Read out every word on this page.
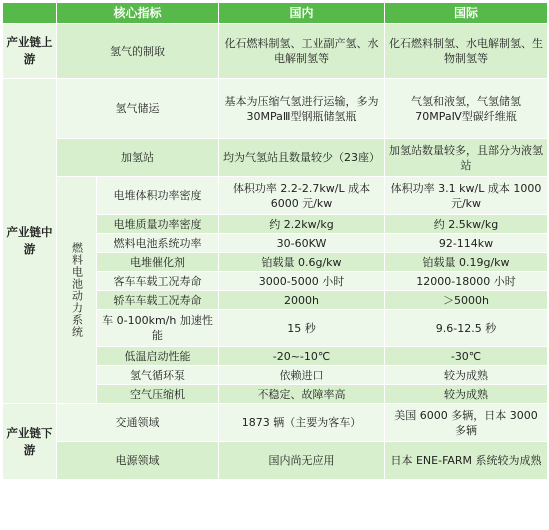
	核心指标		国内	国际
产业链上游	氢气的制取		化石燃料制氢、工业副产氢、水电解制氢等	化石燃料制氢、水电解制氢、生物制氢等
产业链中游	氢气储运		基本为压缩气氢进行运输，多为30MPaⅢ型钢瓶储氢瓶	气氢和液氢，气氢储氢70MPaⅣ型碳纤维瓶
	加氢站		均为气氢站且数量较少（23座）	加氢站数量较多，且部分为液氢站
	燃料电池动力系统	电堆体积功率密度	体积功率 2.2-2.7kw/L 成本 6000 元/kw	体积功率 3.1 kw/L 成本 1000 元/kw
		电堆质量功率密度	约 2.2kw/kg	约 2.5kw/kg
		燃料电池系统功率	30-60KW	92-114kw
		电堆催化剂	铂载量 0.6g/kw	铂载量 0.19g/kw
		客车车载工况寿命	3000-5000 小时	12000-18000 小时
		轿车车载工况寿命	2000h	＞5000h
		车 0-100km/h 加速性能	15 秒	9.6-12.5 秒
		低温启动性能	-20~-10℃	-30℃
		氢气循环泵	依赖进口	较为成熟
		空气压缩机	不稳定、故障率高	较为成熟
产业链下游	交通领域		1873 辆（主要为客车）	美国 6000 多辆，日本 3000 多辆
	电源领域		国内尚无应用	日本 ENE-FARM 系统较为成熟
